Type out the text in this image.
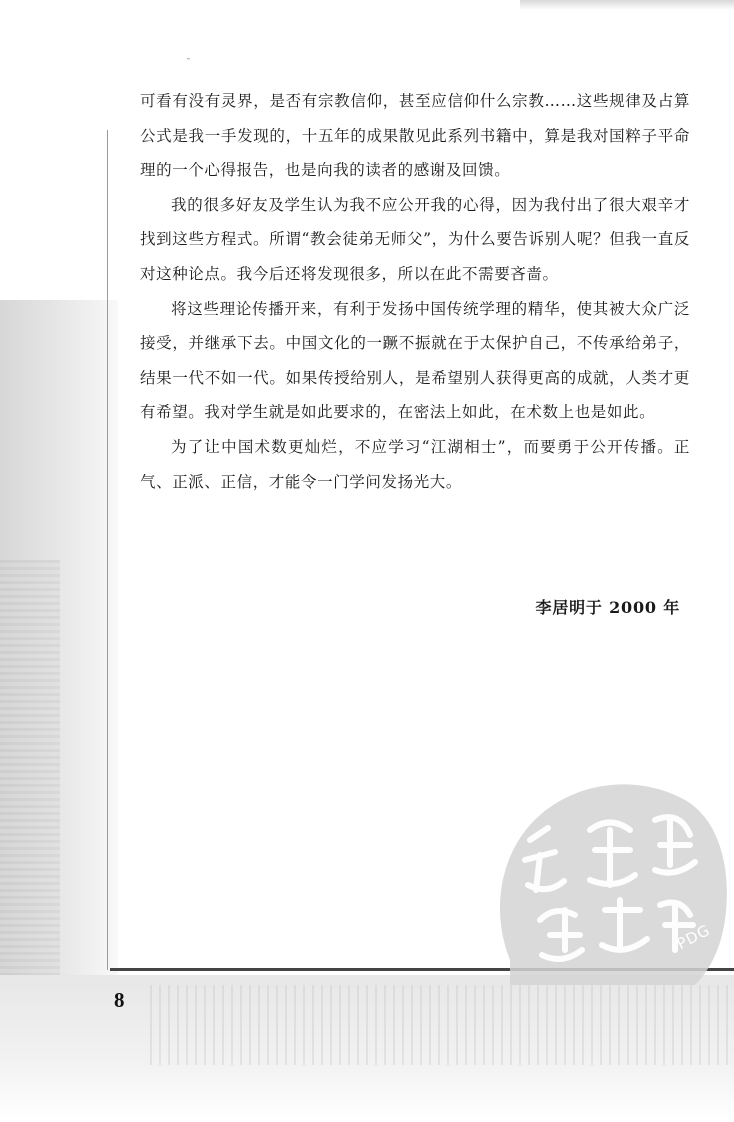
ˉ

可看有没有灵界，是否有宗教信仰，甚至应信仰什么宗教……这些规律及占算公式是我一手发现的，十五年的成果散见此系列书籍中，算是我对国粹子平命理的一个心得报告，也是向我的读者的感谢及回馈。

我的很多好友及学生认为我不应公开我的心得，因为我付出了很大艰辛才找到这些方程式。所谓“教会徒弟无师父”，为什么要告诉别人呢？但我一直反对这种论点。我今后还将发现很多，所以在此不需要吝啬。

将这些理论传播开来，有利于发扬中国传统学理的精华，使其被大众广泛接受，并继承下去。中国文化的一蹶不振就在于太保护自己，不传承给弟子，结果一代不如一代。如果传授给别人，是希望别人获得更高的成就，人类才更有希望。我对学生就是如此要求的，在密法上如此，在术数上也是如此。

为了让中国术数更灿烂，不应学习“江湖相士”，而要勇于公开传播。正气、正派、正信，才能令一门学问发扬光大。

李居明于 2000 年

8

PDG
